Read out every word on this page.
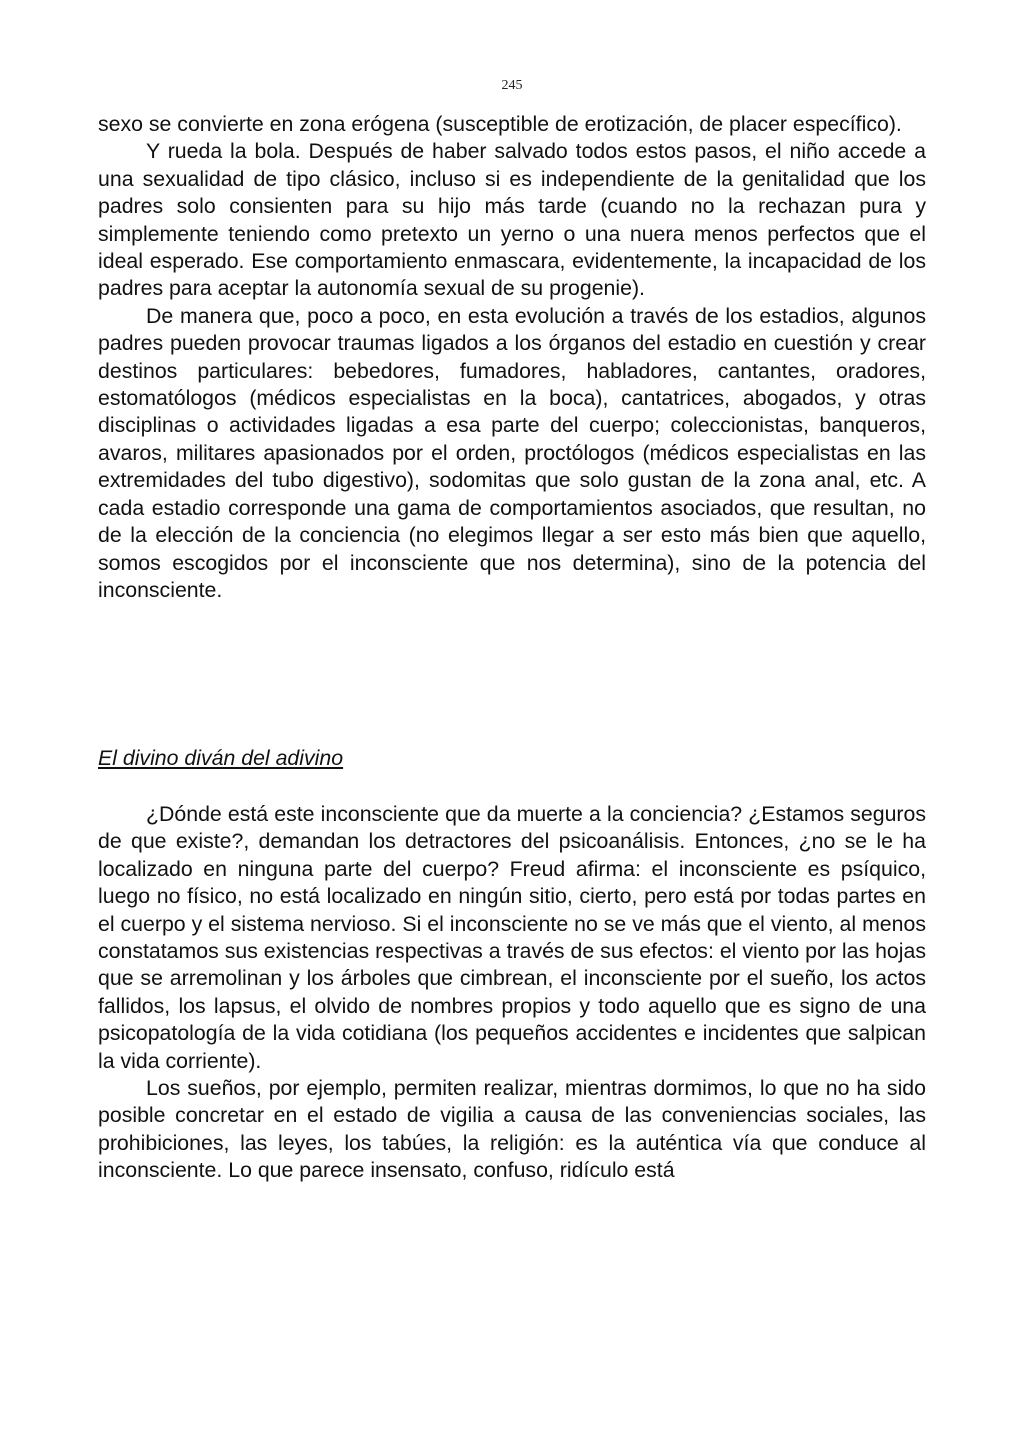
245

sexo se convierte en zona erógena (susceptible de erotización, de placer específico).

Y rueda la bola. Después de haber salvado todos estos pasos, el niño accede a una sexualidad de tipo clásico, incluso si es independiente de la genitalidad que los padres solo consienten para su hijo más tarde (cuando no la rechazan pura y simplemente teniendo como pretexto un yerno o una nuera menos perfectos que el ideal esperado. Ese comportamiento enmascara, evidentemente, la incapacidad de los padres para aceptar la autonomía sexual de su progenie).

De manera que, poco a poco, en esta evolución a través de los estadios, algunos padres pueden provocar traumas ligados a los órganos del estadio en cuestión y crear destinos particulares: bebedores, fumadores, habladores, cantantes, oradores, estomatólogos (médicos especialistas en la boca), cantatrices, abogados, y otras disciplinas o actividades ligadas a esa parte del cuerpo; coleccionistas, banqueros, avaros, militares apasionados por el orden, proctólogos (médicos especialistas en las extremidades del tubo digestivo), sodomitas que solo gustan de la zona anal, etc. A cada estadio corresponde una gama de comportamientos asociados, que resultan, no de la elección de la conciencia (no elegimos llegar a ser esto más bien que aquello, somos escogidos por el inconsciente que nos determina), sino de la potencia del inconsciente.

El divino diván del adivino

¿Dónde está este inconsciente que da muerte a la conciencia? ¿Estamos seguros de que existe?, demandan los detractores del psicoanálisis. Entonces, ¿no se le ha localizado en ninguna parte del cuerpo? Freud afirma: el inconsciente es psíquico, luego no físico, no está localizado en ningún sitio, cierto, pero está por todas partes en el cuerpo y el sistema nervioso. Si el inconsciente no se ve más que el viento, al menos constatamos sus existencias respectivas a través de sus efectos: el viento por las hojas que se arremolinan y los árboles que cimbrean, el inconsciente por el sueño, los actos fallidos, los lapsus, el olvido de nombres propios y todo aquello que es signo de una psicopatología de la vida cotidiana (los pequeños accidentes e incidentes que salpican la vida corriente).

Los sueños, por ejemplo, permiten realizar, mientras dormimos, lo que no ha sido posible concretar en el estado de vigilia a causa de las conveniencias sociales, las prohibiciones, las leyes, los tabúes, la religión: es la auténtica vía que conduce al inconsciente. Lo que parece insensato, confuso, ridículo está
